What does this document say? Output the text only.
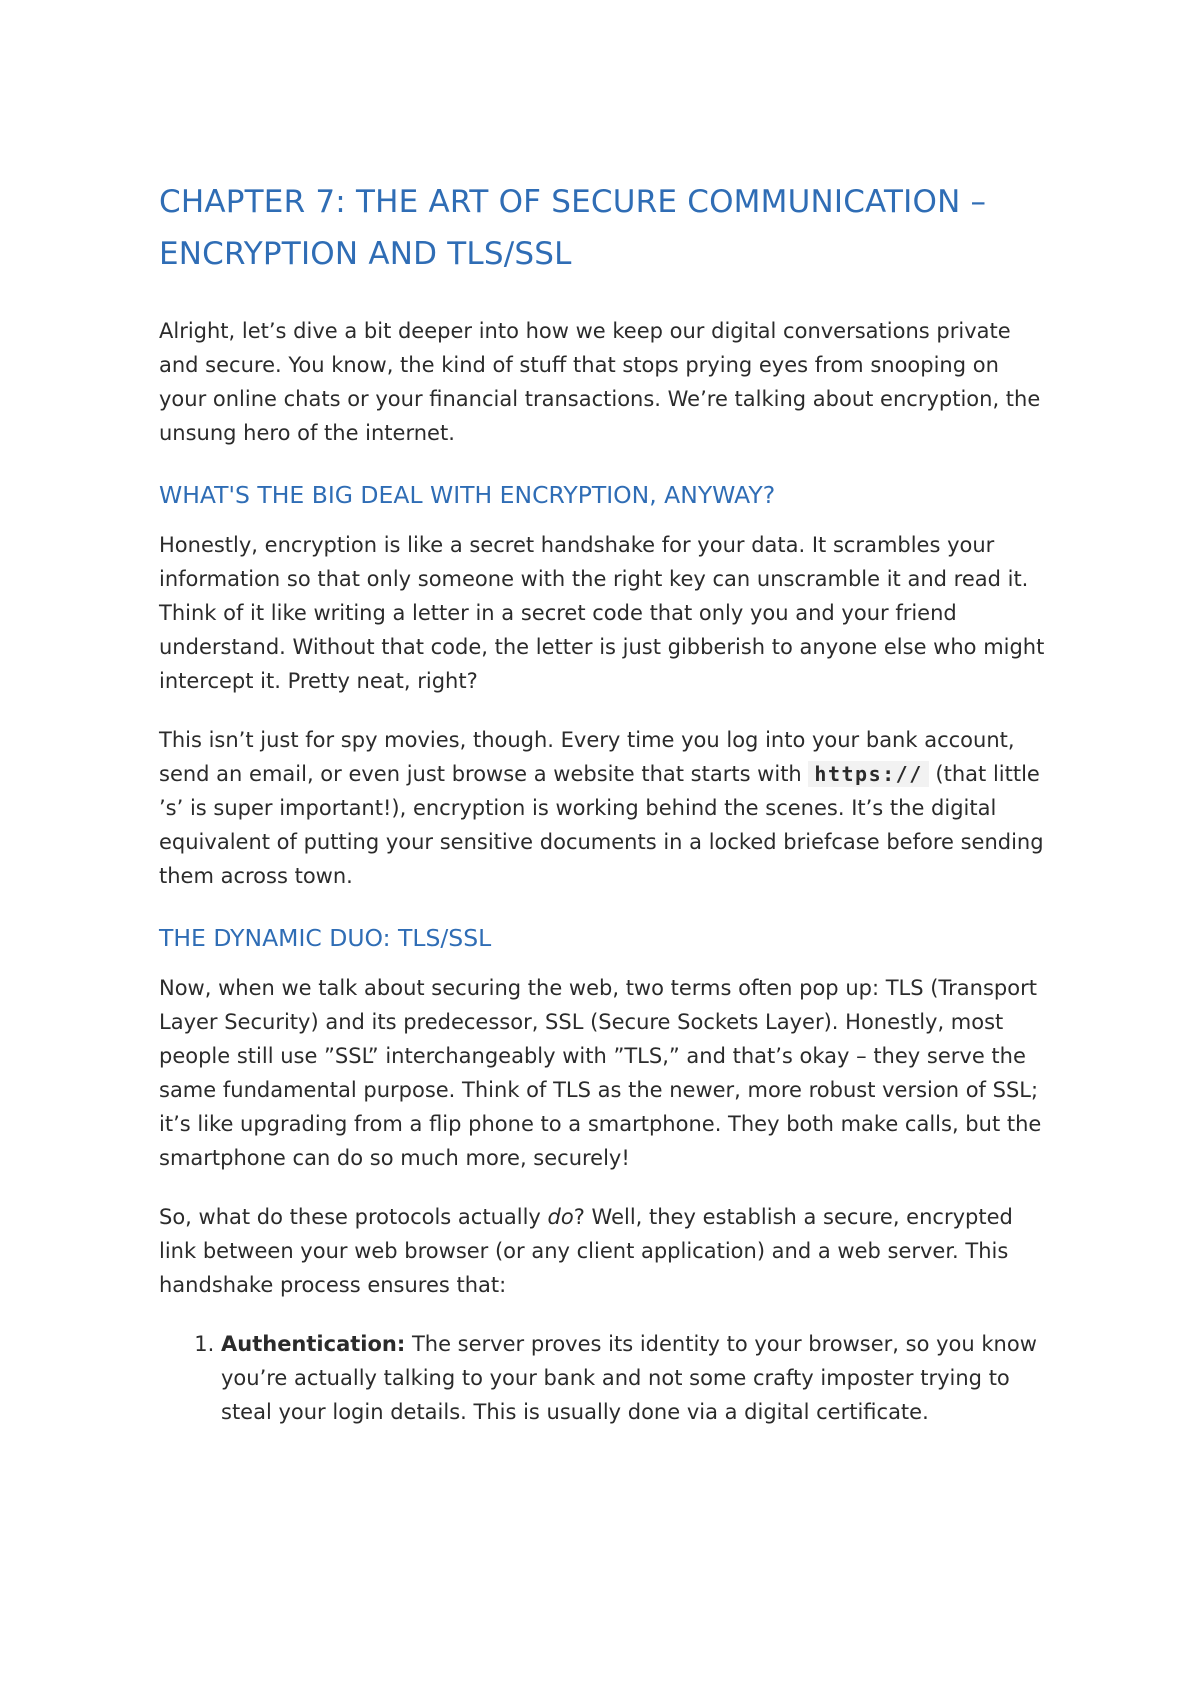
CHAPTER 7: THE ART OF SECURE COMMUNICATION – ENCRYPTION AND TLS/SSL

Alright, let’s dive a bit deeper into how we keep our digital conversations private and secure. You know, the kind of stuff that stops prying eyes from snooping on your online chats or your financial transactions. We’re talking about encryption, the unsung hero of the internet.

WHAT'S THE BIG DEAL WITH ENCRYPTION, ANYWAY?

Honestly, encryption is like a secret handshake for your data. It scrambles your information so that only someone with the right key can unscramble it and read it. Think of it like writing a letter in a secret code that only you and your friend understand. Without that code, the letter is just gibberish to anyone else who might intercept it. Pretty neat, right?

This isn’t just for spy movies, though. Every time you log into your bank account, send an email, or even just browse a website that starts with https:// (that little ’s’ is super important!), encryption is working behind the scenes. It’s the digital equivalent of putting your sensitive documents in a locked briefcase before sending them across town.

THE DYNAMIC DUO: TLS/SSL

Now, when we talk about securing the web, two terms often pop up: TLS (Transport Layer Security) and its predecessor, SSL (Secure Sockets Layer). Honestly, most people still use ”SSL” interchangeably with ”TLS,” and that’s okay – they serve the same fundamental purpose. Think of TLS as the newer, more robust version of SSL; it’s like upgrading from a flip phone to a smartphone. They both make calls, but the smartphone can do so much more, securely!

So, what do these protocols actually do? Well, they establish a secure, encrypted link between your web browser (or any client application) and a web server. This handshake process ensures that:

1. Authentication: The server proves its identity to your browser, so you know you’re actually talking to your bank and not some crafty imposter trying to steal your login details. This is usually done via a digital certificate.
